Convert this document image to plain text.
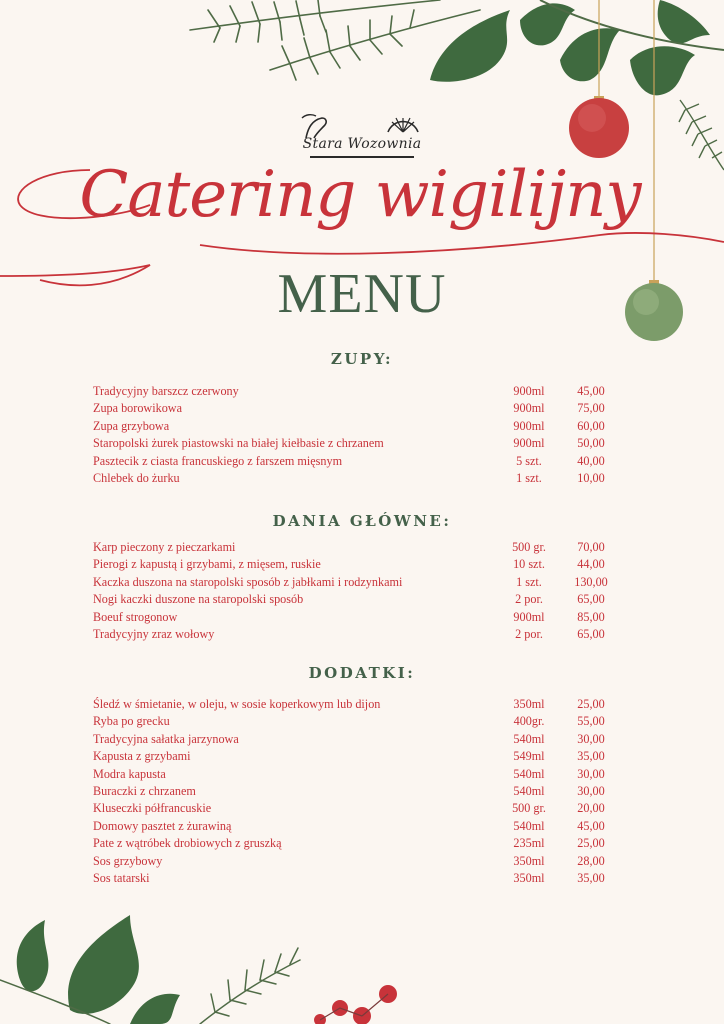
Stara Wozownia
Catering wigilijny
MENU
ZUPY:
Tradycyjny barszcz czerwony	900ml	45,00
Zupa borowikowa	900ml	75,00
Zupa grzybowa	900ml	60,00
Staropolski żurek piastowski na białej kiełbasie z chrzanem	900ml	50,00
Pasztecik z ciasta francuskiego z farszem mięsnym	5 szt.	40,00
Chlebek do żurku	1 szt.	10,00
DANIA GŁÓWNE:
Karp pieczony z pieczarkami	500 gr.	70,00
Pierogi z kapustą i grzybami, z mięsem, ruskie	10 szt.	44,00
Kaczka duszona na staropolski sposób z jabłkami i rodzynkami	1 szt.	130,00
Nogi kaczki duszone na staropolski sposób	2 por.	65,00
Boeuf strogonow	900ml	85,00
Tradycyjny zraz wołowy	2 por.	65,00
DODATKI:
Śledź w śmietanie, w oleju, w sosie koperkowym lub dijon	350ml	25,00
Ryba po grecku	400gr.	55,00
Tradycyjna sałatka jarzynowa	540ml	30,00
Kapusta z grzybami	549ml	35,00
Modra kapusta	540ml	30,00
Buraczki z chrzanem	540ml	30,00
Kluseczki półfrancuskie	500 gr.	20,00
Domowy pasztet z żurawiną	540ml	45,00
Pate z wątróbek drobiowych z gruszką	235ml	25,00
Sos grzybowy	350ml	28,00
Sos tatarski	350ml	35,00
